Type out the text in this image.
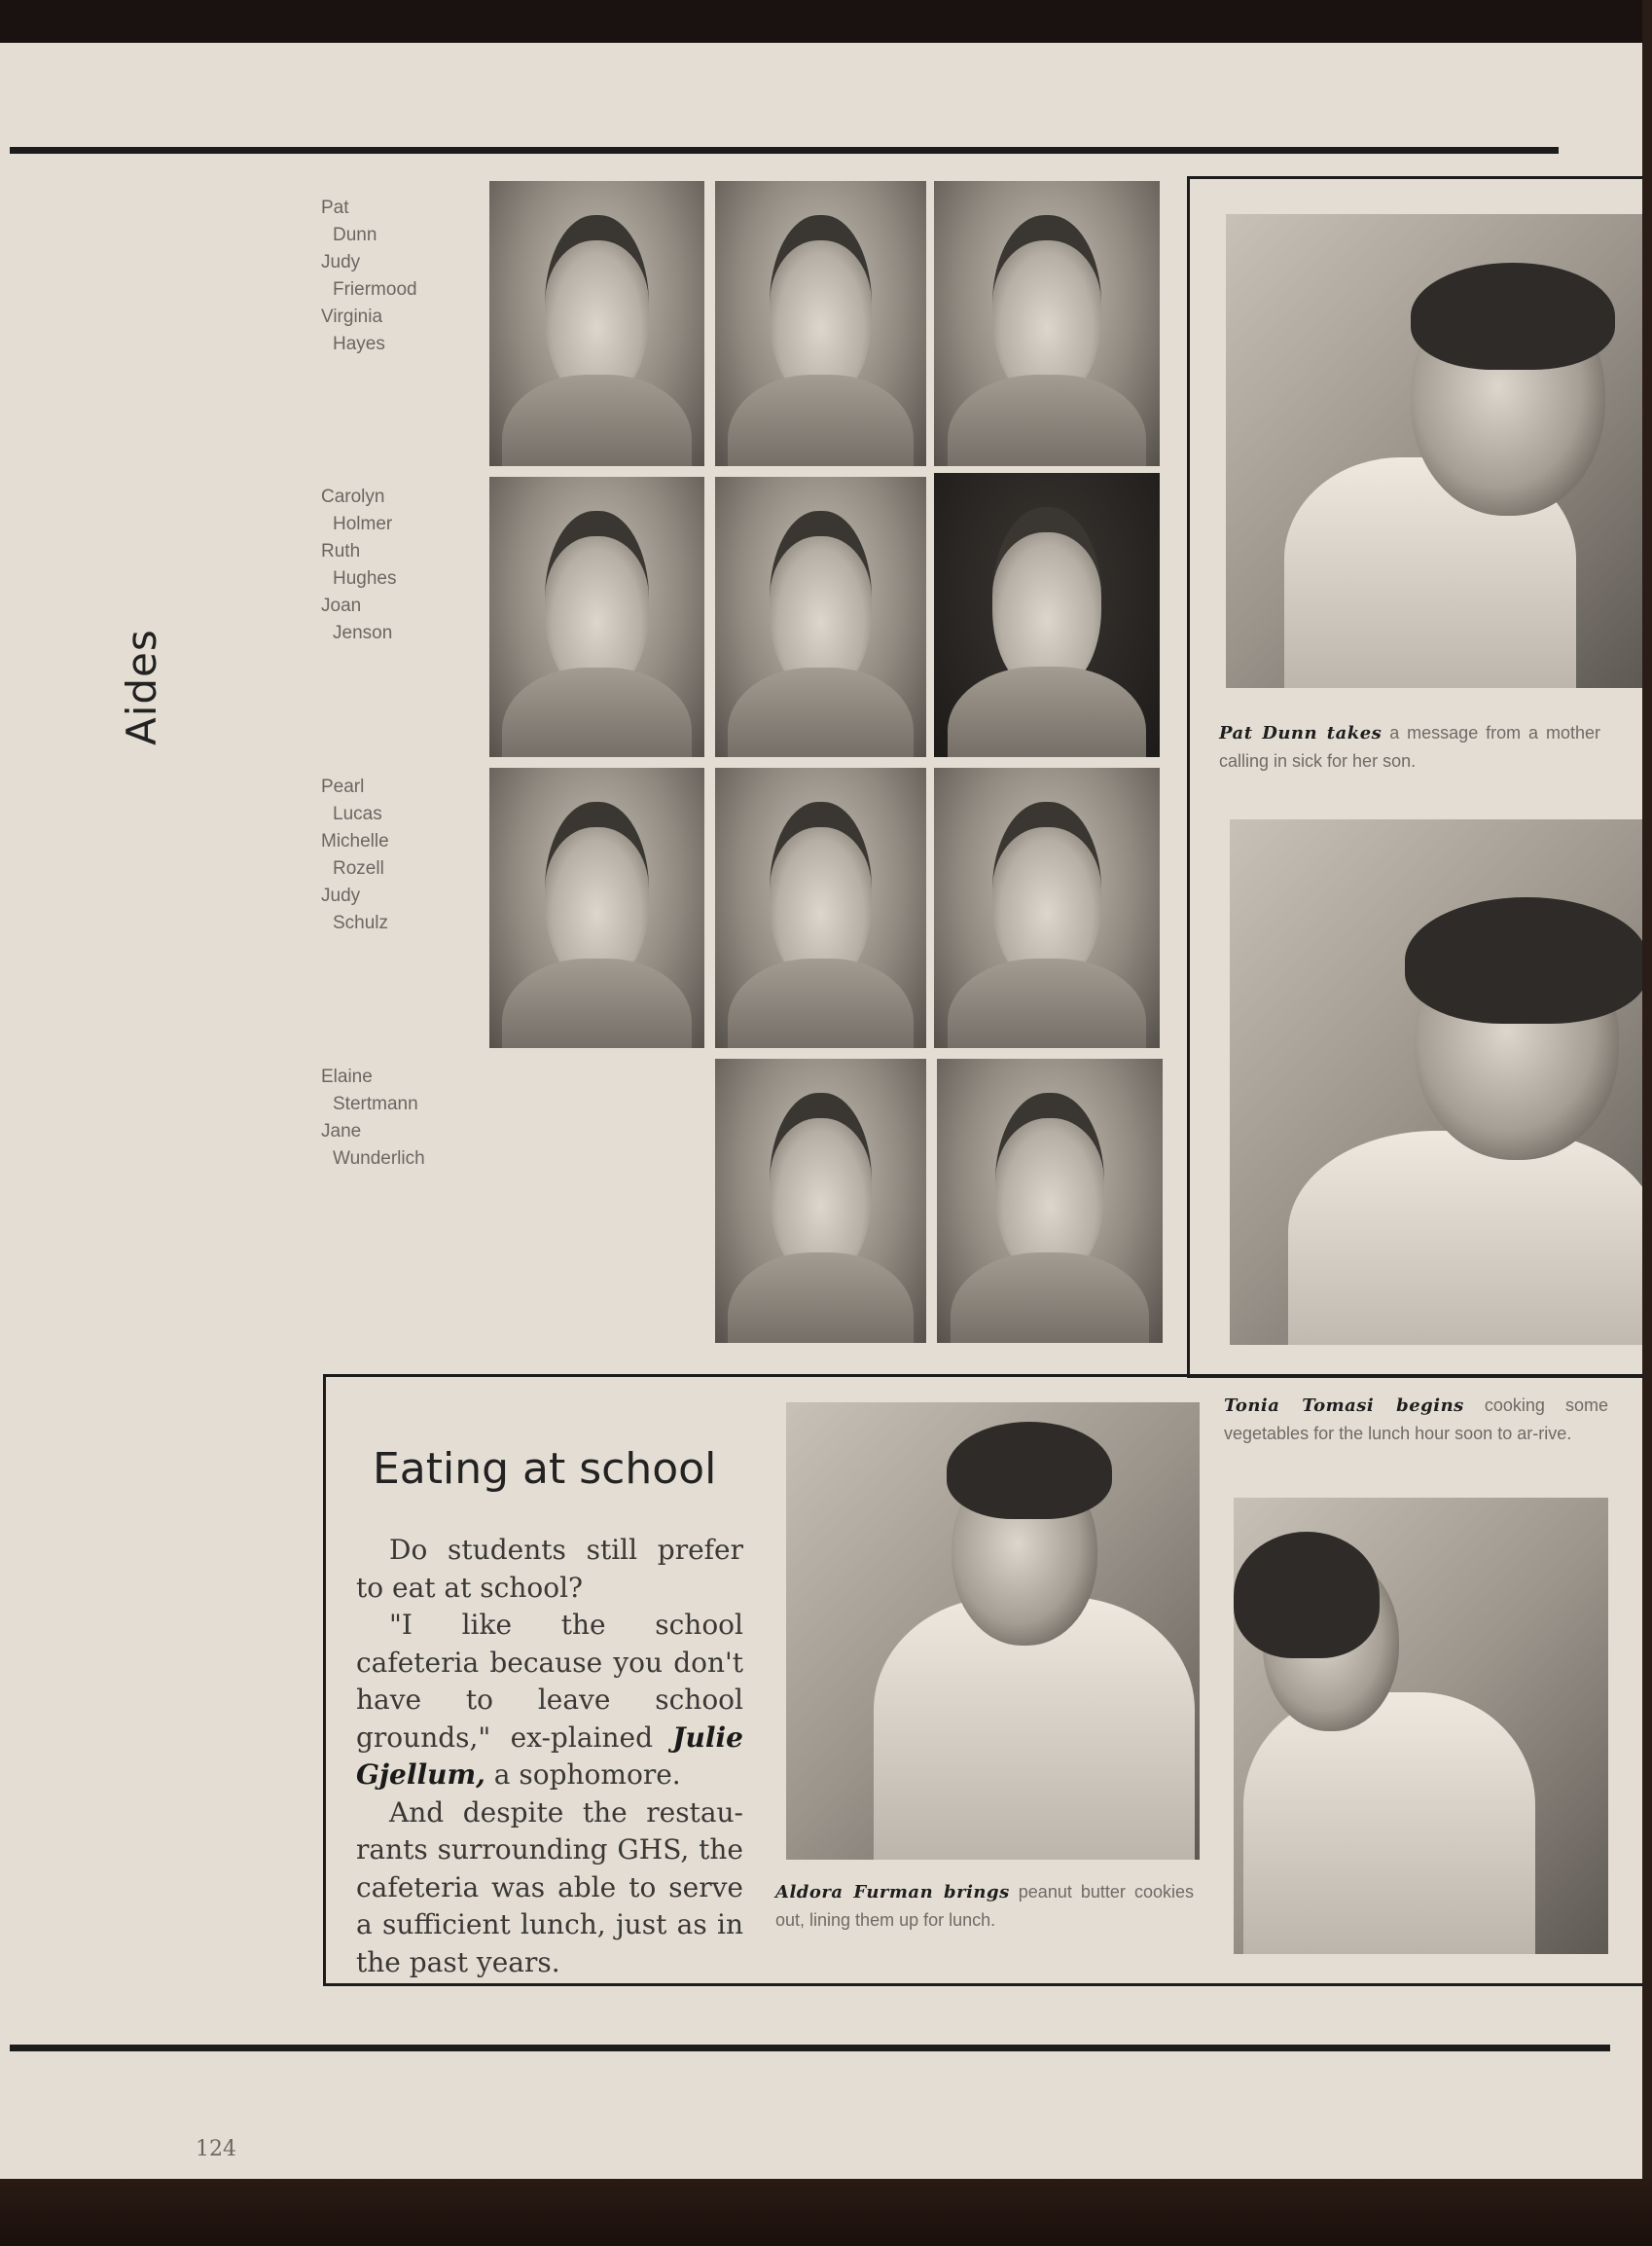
Aides
Pat
Dunn
Judy
Friermood
Virginia
Hayes
Carolyn
Holmer
Ruth
Hughes
Joan
Jenson
Pearl
Lucas
Michelle
Rozell
Judy
Schulz
Elaine
Stertmann
Jane
Wunderlich
Pat Dunn takes a message from a mother calling in sick for her son.
Eating at school

Do students still prefer to eat at school?

"I like the school cafeteria because you don't have to leave school grounds," ex-plained Julie Gjellum, a sophomore.

And despite the restau-rants surrounding GHS, the cafeteria was able to serve a sufficient lunch, just as in the past years.

Aldora Furman brings peanut butter cookies out, lining them up for lunch.
Tonia Tomasi begins cooking some vegetables for the lunch hour soon to ar-rive.
124
